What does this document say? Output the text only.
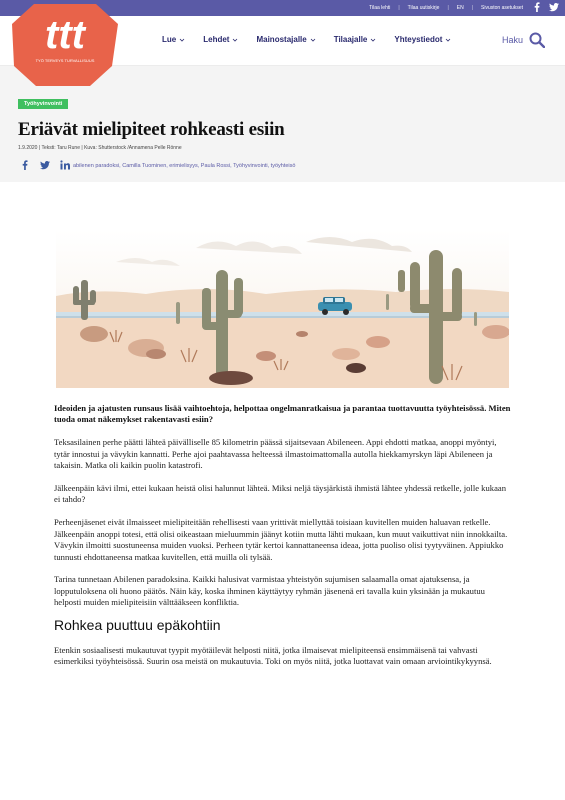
Tilaa lehti | Tilaa uutiskirje | EN | Sivuston asetukset
Lue	Lehdet	Mainostajalle	Tilaajalle	Yhteystiedot	Haku
ttt
TYÖ TERVEYS TURVALLISUUS
Työhyvinvointi
Eriävät mielipiteet rohkeasti esiin
1.9.2020 | Teksti: Taru Rune | Kuva: Shutterstock /Annamena Pelle Rönne
abilenen paradoksi, Camilla Tuominen, erimielisyys, Paula Rossi, Työhyvinvointi, työyhteisö

Ideoiden ja ajatusten runsaus lisää vaihtoehtoja, helpottaa ongelmanratkaisua ja parantaa tuottavuutta työyhteisössä. Miten tuoda omat näkemykset rakentavasti esiin?

Teksasilainen perhe päätti lähteä päivälliselle 85 kilometrin päässä sijaitsevaan Abileneen. Appi ehdotti matkaa, anoppi myöntyi, tytär innostui ja vävykin kannatti. Perhe ajoi paahtavassa helteessä ilmastoimattomalla autolla hiekkamyrskyn läpi Abileneen ja takaisin. Matka oli kaikin puolin katastrofi.

Jälkeenpäin kävi ilmi, ettei kukaan heistä olisi halunnut lähteä. Miksi neljä täysjärkistä ihmistä lähtee yhdessä retkelle, jolle kukaan ei tahdo?

Perheenjäsenet eivät ilmaisseet mielipiteitään rehellisesti vaan yrittivät miellyttää toisiaan kuvitellen muiden haluavan retkelle. Jälkeenpäin anoppi totesi, että olisi oikeastaan mieluummin jäänyt kotiin mutta lähti mukaan, kun muut vaikuttivat niin innokkailta. Vävykin ilmoitti suostuneensa muiden vuoksi. Perheen tytär kertoi kannattaneensa ideaa, jotta puoliso olisi tyytyväinen. Appiukko tunnusti ehdottaneensa matkaa kuvitellen, että muilla oli tylsää.

Tarina tunnetaan Abilenen paradoksina. Kaikki halusivat varmistaa yhteistyön sujumisen salaamalla omat ajatuksensa, ja lopputuloksena oli huono päätös. Näin käy, koska ihminen käyttäytyy ryhmän jäsenenä eri tavalla kuin yksinään ja mukautuu helposti muiden mielipiteisiin välttääkseen konfliktia.

Rohkea puuttuu epäkohtiin

Etenkin sosiaalisesti mukautuvat tyypit myötäilevät helposti niitä, jotka ilmaisevat mielipiteensä ensimmäisenä tai vahvasti esimerkiksi työyhteisössä. Suurin osa meistä on mukautuvia. Toki on myös niitä, jotka luottavat vain omaan arviointikykyynsä.
